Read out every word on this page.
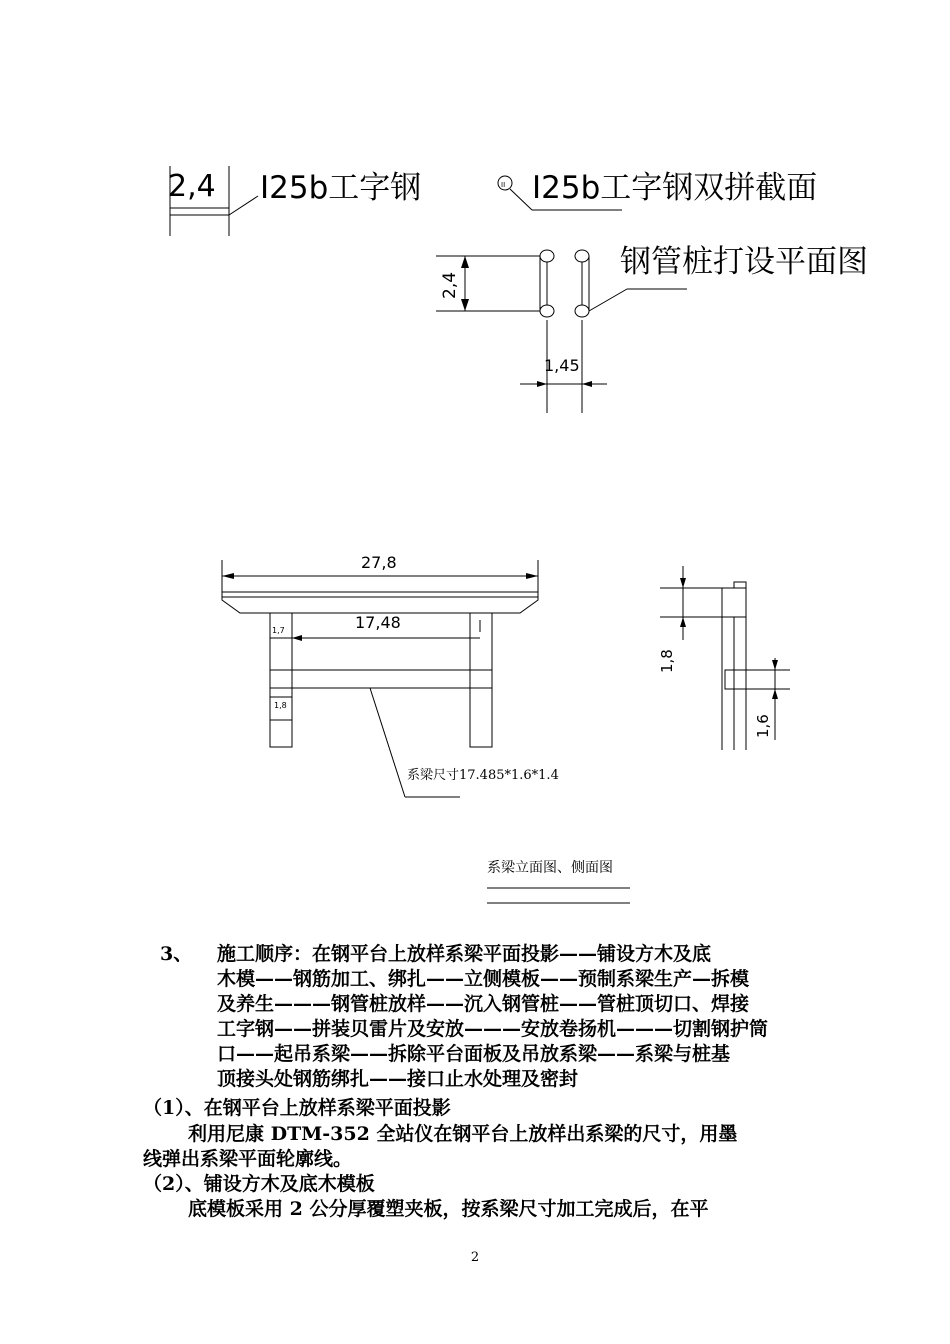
2,4 I25b工字钢	II I25b工字钢双拼截面
钢管桩打设平面图
2,4
1,45
27,8
17,48
1,7
1,8
系梁尺寸17.485*1.6*1.4
1,8
1,6
系梁立面图、侧面图

3、 施工顺序：在钢平台上放样系梁平面投影——铺设方木及底

木模——钢筋加工、绑扎——立侧模板——预制系梁生产—拆模

及养生———钢管桩放样——沉入钢管桩——管桩顶切口、焊接

工字钢——拼装贝雷片及安放———安放卷扬机———切割钢护筒

口——起吊系梁——拆除平台面板及吊放系梁——系梁与桩基

顶接头处钢筋绑扎——接口止水处理及密封

（1）、在钢平台上放样系梁平面投影

利用尼康 DTM-352 全站仪在钢平台上放样出系梁的尺寸，用墨

线弹出系梁平面轮廓线。

（2）、铺设方木及底木模板

底模板采用 2 公分厚覆塑夹板，按系梁尺寸加工完成后，在平

2
